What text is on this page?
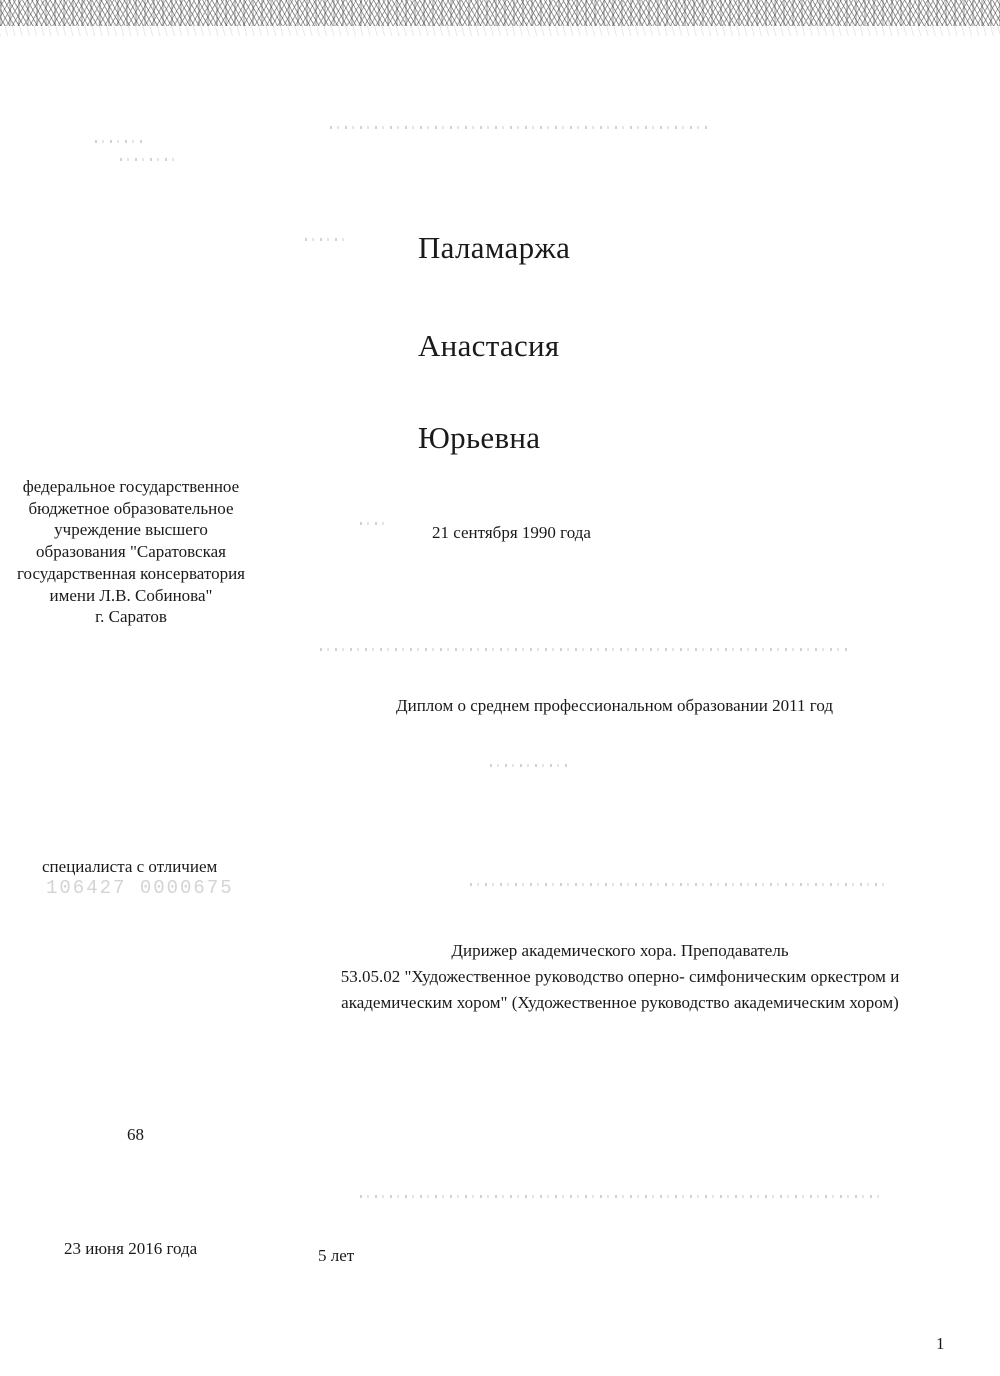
Паламаржа
Анастасия
Юрьевна
федеральное государственное
бюджетное образовательное
учреждение высшего
образования "Саратовская
государственная консерватория
имени Л.В. Собинова"
г. Саратов
21 сентября 1990 года
Диплом о среднем профессиональном образовании 2011 год
специалиста с отличием
106427 0000675
Дирижер академического хора. Преподаватель
53.05.02 "Художественное руководство оперно- симфоническим оркестром и
академическим хором" (Художественное руководство академическим хором)
68
23 июня 2016 года	5 лет
1
